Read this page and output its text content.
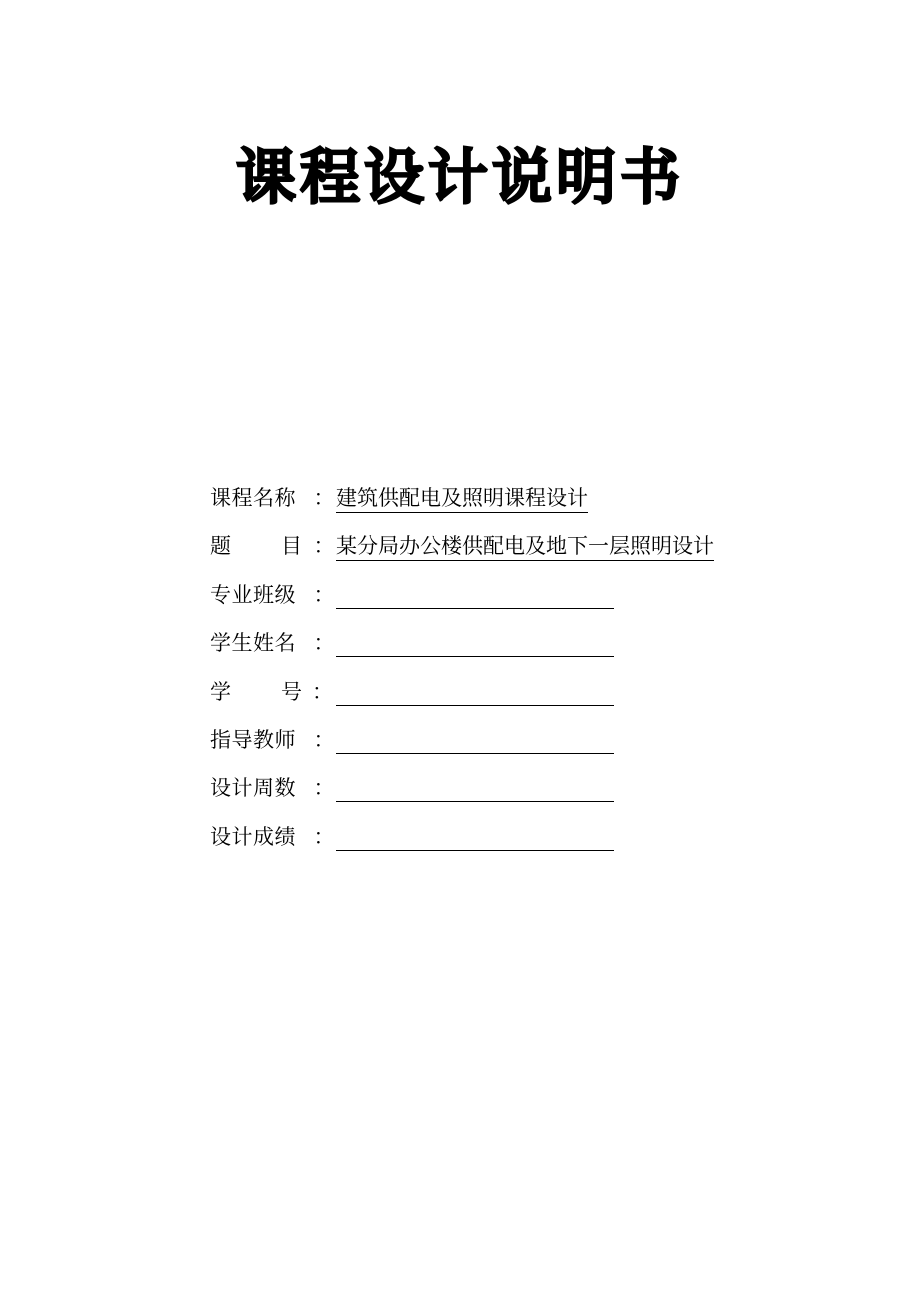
课程设计说明书
课程名称 ： 建筑供配电及照明课程设计
题 目 ： 某分局办公楼供配电及地下一层照明设计
专业班级 ：
学生姓名 ：
学 号 ：
指导教师 ：
设计周数 ：
设计成绩 ：
